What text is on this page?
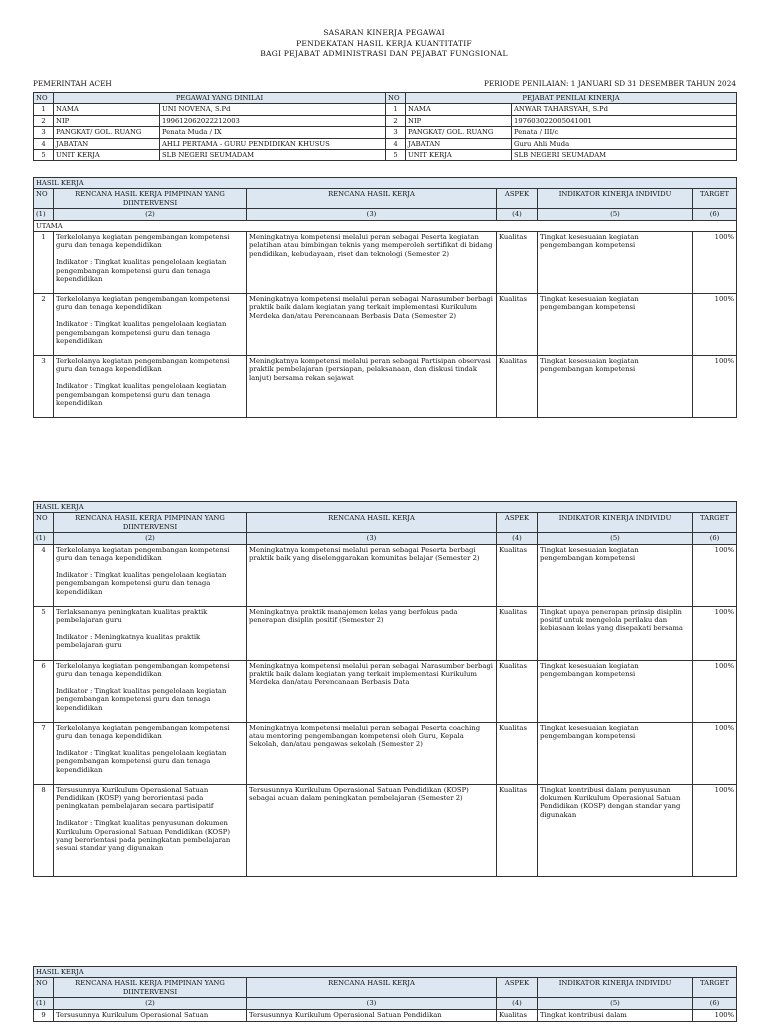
SASARAN KINERJA PEGAWAI
PENDEKATAN HASIL KERJA KUANTITATIF
BAGI PEJABAT ADMINISTRASI DAN PEJABAT FUNGSIONAL
PEMERINTAH ACEH	PERIODE PENILAIAN: 1 JANUARI SD 31 DESEMBER TAHUN 2024
NO	PEGAWAI YANG DINILAI		NO	PEJABAT PENILAI KINERJA	
1	NAMA	UNI NOVENA, S.Pd	1	NAMA	ANWAR TAHARSYAH, S.Pd
2	NIP	199612062022212003	2	NIP	197603022005041001
3	PANGKAT/ GOL. RUANG	Penata Muda / IX	3	PANGKAT/ GOL. RUANG	Penata / III/c
4	JABATAN	AHLI PERTAMA - GURU PENDIDIKAN KHUSUS	4	JABATAN	Guru Ahli Muda
5	UNIT KERJA	SLB NEGERI SEUMADAM	5	UNIT KERJA	SLB NEGERI SEUMADAM
HASIL KERJA					
NO	RENCANA HASIL KERJA PIMPINAN YANG DIINTERVENSI	RENCANA HASIL KERJA	ASPEK	INDIKATOR KINERJA INDIVIDU	TARGET
(1)	(2)	(3)	(4)	(5)	(6)
UTAMA					
1	Terkelolanya kegiatan pengembangan kompetensi guru dan tenaga kependidikan

Indikator : Tingkat kualitas pengelolaan kegiatan pengembangan kompetensi guru dan tenaga kependidikan	Meningkatnya kompetensi melalui peran sebagai Peserta kegiatan pelatihan atau bimbingan teknis yang memperoleh sertifikat di bidang pendidikan, kebudayaan, riset dan teknologi (Semester 2)	Kualitas	Tingkat kesesuaian kegiatan pengembangan kompetensi	100%
2	Terkelolanya kegiatan pengembangan kompetensi guru dan tenaga kependidikan

Indikator : Tingkat kualitas pengelolaan kegiatan pengembangan kompetensi guru dan tenaga kependidikan	Meningkatnya kompetensi melalui peran sebagai Narasumber berbagi praktik baik dalam kegiatan yang terkait implementasi Kurikulum Merdeka dan/atau Perencanaan Berbasis Data (Semester 2)	Kualitas	Tingkat kesesuaian kegiatan pengembangan kompetensi	100%
3	Terkelolanya kegiatan pengembangan kompetensi guru dan tenaga kependidikan

Indikator : Tingkat kualitas pengelolaan kegiatan pengembangan kompetensi guru dan tenaga kependidikan	Meningkatnya kompetensi melalui peran sebagai Partisipan observasi praktik pembelajaran (persiapan, pelaksanaan, dan diskusi tindak lanjut) bersama rekan sejawat	Kualitas	Tingkat kesesuaian kegiatan pengembangan kompetensi	100%
HASIL KERJA					
NO	RENCANA HASIL KERJA PIMPINAN YANG DIINTERVENSI	RENCANA HASIL KERJA	ASPEK	INDIKATOR KINERJA INDIVIDU	TARGET
(1)	(2)	(3)	(4)	(5)	(6)
4	Terkelolanya kegiatan pengembangan kompetensi guru dan tenaga kependidikan

Indikator : Tingkat kualitas pengelolaan kegiatan pengembangan kompetensi guru dan tenaga kependidikan	Meningkatnya kompetensi melalui peran sebagai Peserta berbagi praktik baik yang diselenggarakan komunitas belajar (Semester 2)	Kualitas	Tingkat kesesuaian kegiatan pengembangan kompetensi	100%
5	Terlaksananya peningkatan kualitas praktik pembelajaran guru

Indikator : Meningkatnya kualitas praktik pembelajaran guru	Meningkatnya praktik manajemen kelas yang berfokus pada penerapan disiplin positif (Semester 2)	Kualitas	Tingkat upaya penerapan prinsip disiplin positif untuk mengelola perilaku dan kebiasaan kelas yang disepakati bersama	100%
6	Terkelolanya kegiatan pengembangan kompetensi guru dan tenaga kependidikan

Indikator : Tingkat kualitas pengelolaan kegiatan pengembangan kompetensi guru dan tenaga kependidikan	Meningkatnya kompetensi melalui peran sebagai Narasumber berbagi praktik baik dalam kegiatan yang terkait implementasi Kurikulum Merdeka dan/atau Perencanaan Berbasis Data	Kualitas	Tingkat kesesuaian kegiatan pengembangan kompetensi	100%
7	Terkelolanya kegiatan pengembangan kompetensi guru dan tenaga kependidikan

Indikator : Tingkat kualitas pengelolaan kegiatan pengembangan kompetensi guru dan tenaga kependidikan	Meningkatnya kompetensi melalui peran sebagai Peserta coaching atau mentoring pengembangan kompetensi oleh Guru, Kepala Sekolah, dan/atau pengawas sekolah (Semester 2)	Kualitas	Tingkat kesesuaian kegiatan pengembangan kompetensi	100%
8	Tersusunnya Kurikulum Operasional Satuan Pendidikan (KOSP) yang berorientasi pada peningkatan pembelajaran secara partisipatif

Indikator : Tingkat kualitas penyusunan dokumen Kurikulum Operasional Satuan Pendidikan (KOSP) yang berorientasi pada peningkatan pembelajaran sesuai standar yang digunakan	Tersusunnya Kurikulum Operasional Satuan Pendidikan (KOSP) sebagai acuan dalam peningkatan pembelajaran (Semester 2)	Kualitas	Tingkat kontribusi dalam penyusunan dokumen Kurikulum Operasional Satuan Pendidikan (KOSP) dengan standar yang digunakan	100%
HASIL KERJA					
NO	RENCANA HASIL KERJA PIMPINAN YANG DIINTERVENSI	RENCANA HASIL KERJA	ASPEK	INDIKATOR KINERJA INDIVIDU	TARGET
(1)	(2)	(3)	(4)	(5)	(6)
9	Tersusunnya Kurikulum Operasional Satuan	Tersusunnya Kurikulum Operasional Satuan Pendidikan	Kualitas	Tingkat kontribusi dalam	100%
